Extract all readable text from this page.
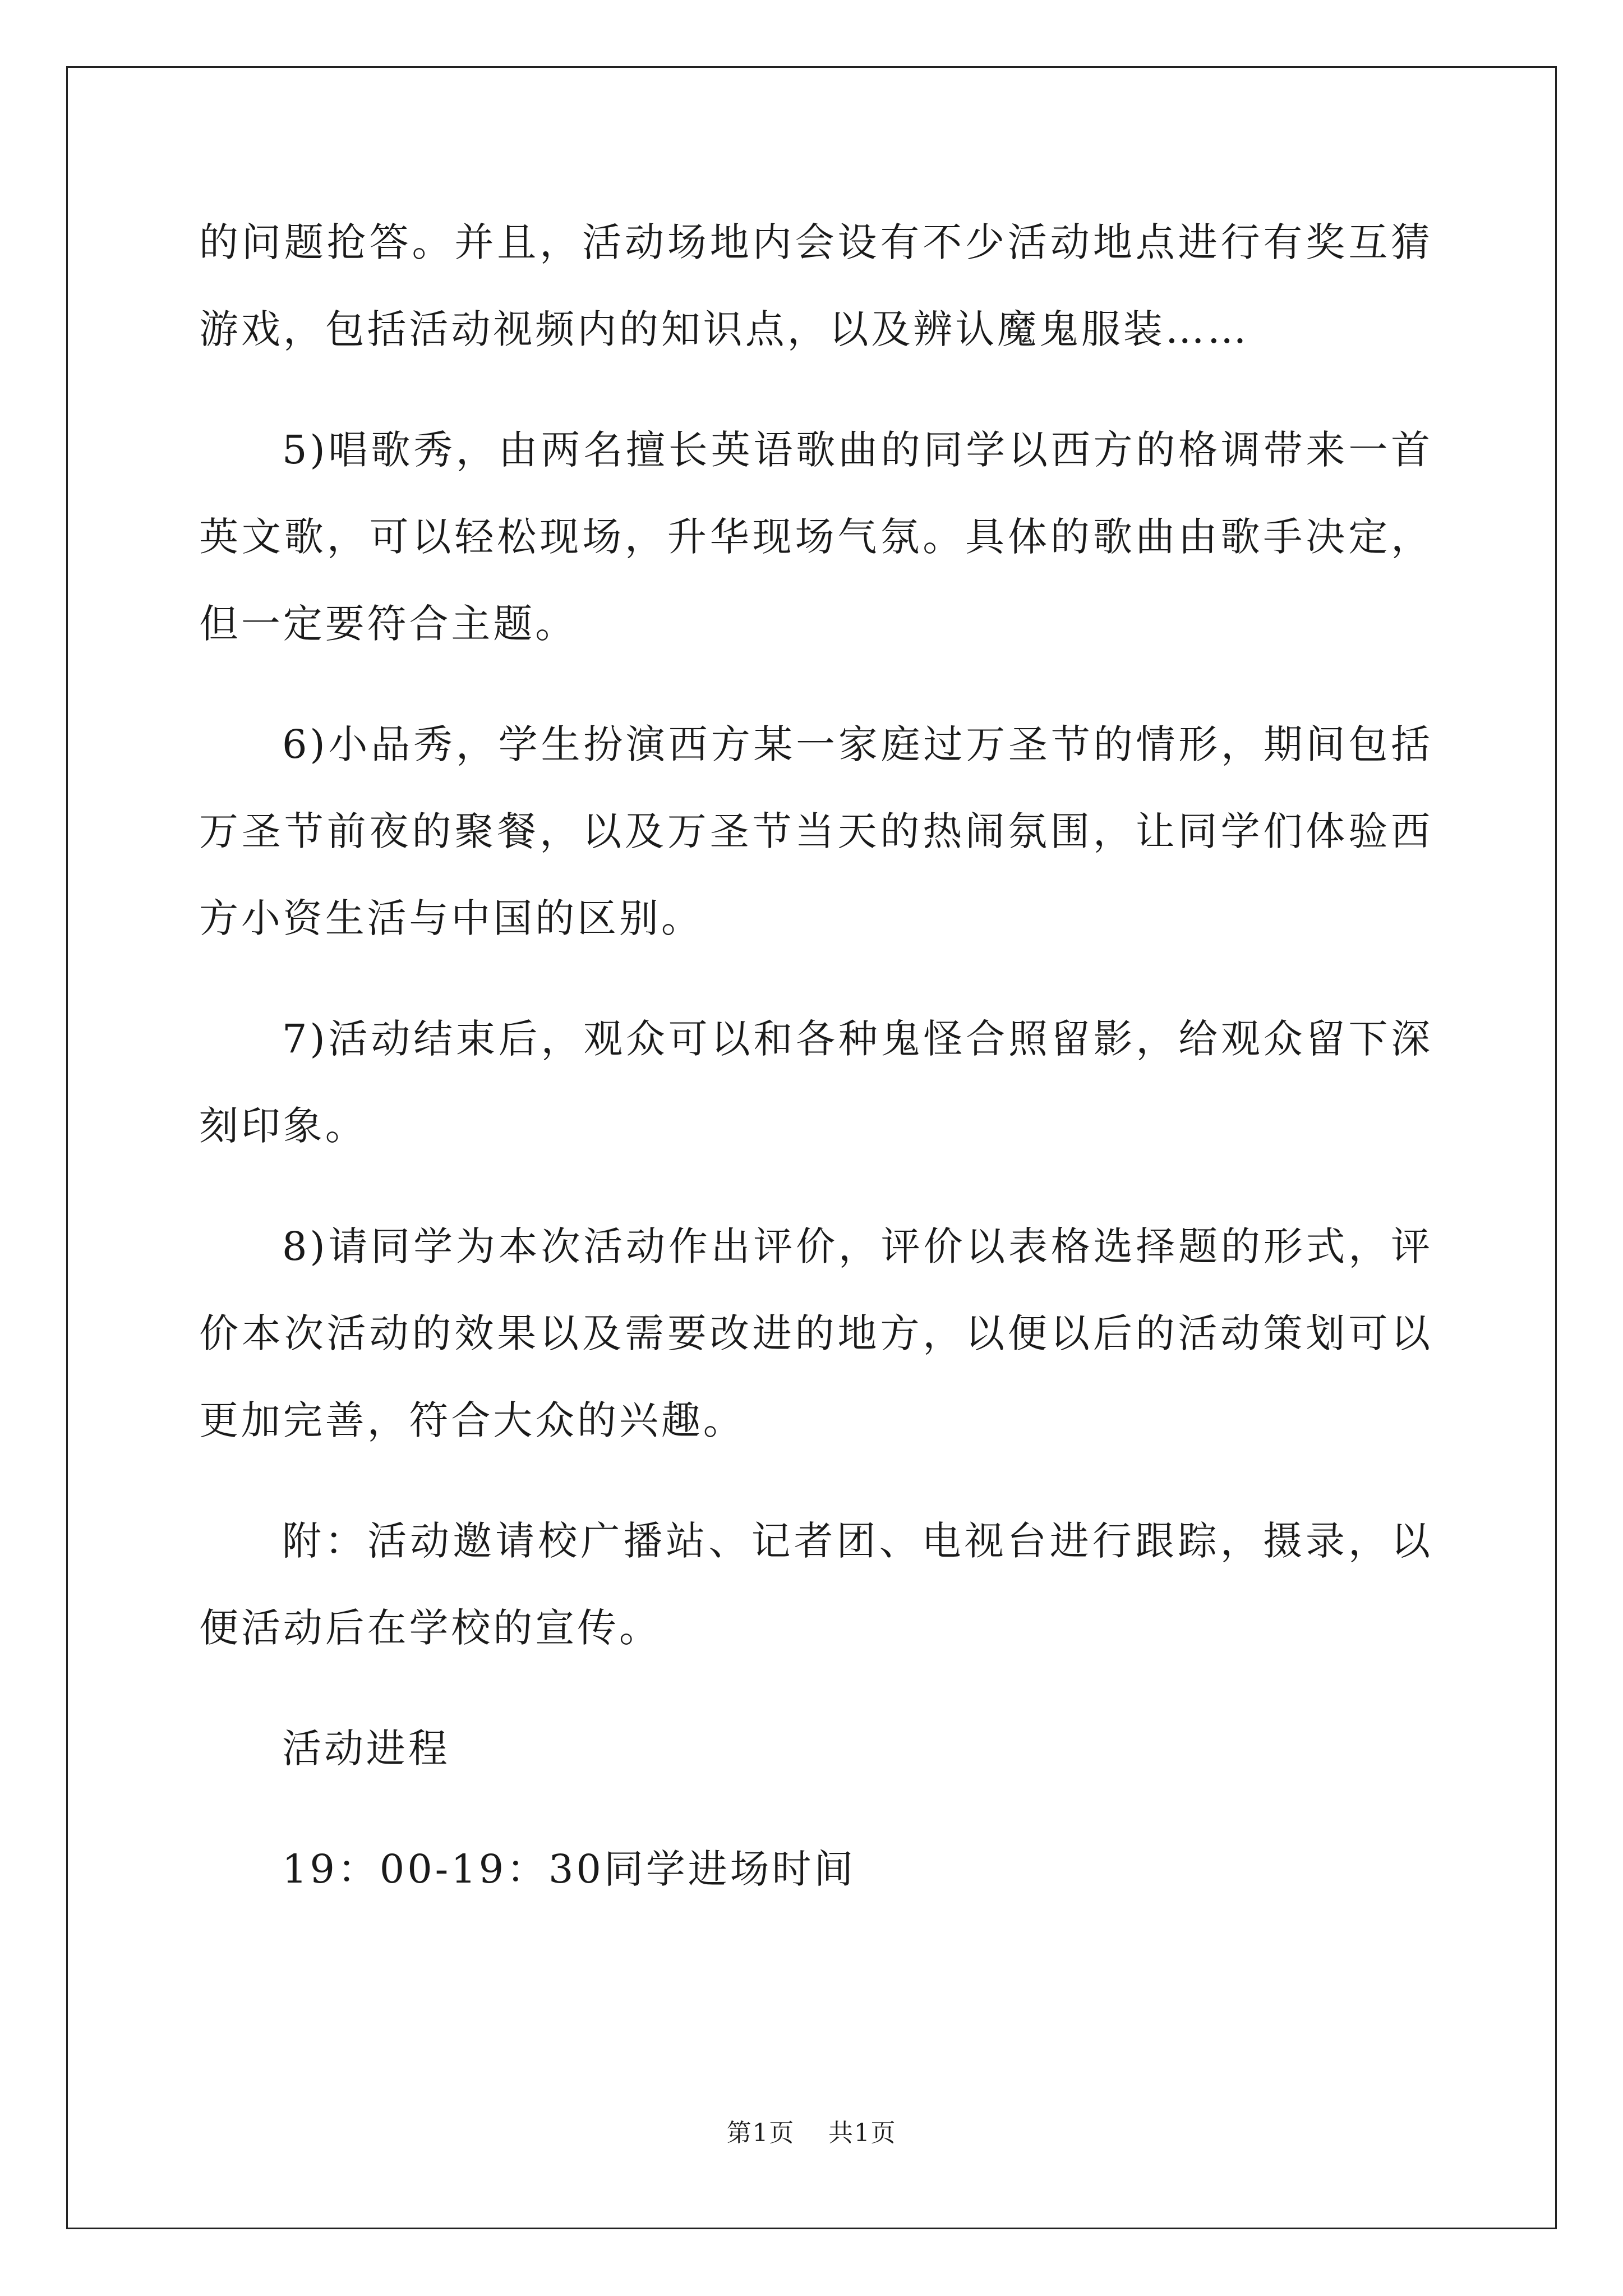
的问题抢答。并且，活动场地内会设有不少活动地点进行有奖互猜游戏，包括活动视频内的知识点，以及辨认魔鬼服装……

5)唱歌秀，由两名擅长英语歌曲的同学以西方的格调带来一首英文歌，可以轻松现场，升华现场气氛。具体的歌曲由歌手决定，但一定要符合主题。

6)小品秀，学生扮演西方某一家庭过万圣节的情形，期间包括万圣节前夜的聚餐，以及万圣节当天的热闹氛围，让同学们体验西方小资生活与中国的区别。

7)活动结束后，观众可以和各种鬼怪合照留影，给观众留下深刻印象。

8)请同学为本次活动作出评价，评价以表格选择题的形式，评价本次活动的效果以及需要改进的地方，以便以后的活动策划可以更加完善，符合大众的兴趣。

附：活动邀请校广播站、记者团、电视台进行跟踪，摄录，以便活动后在学校的宣传。

活动进程

19：00-19：30同学进场时间

第1页 共1页
